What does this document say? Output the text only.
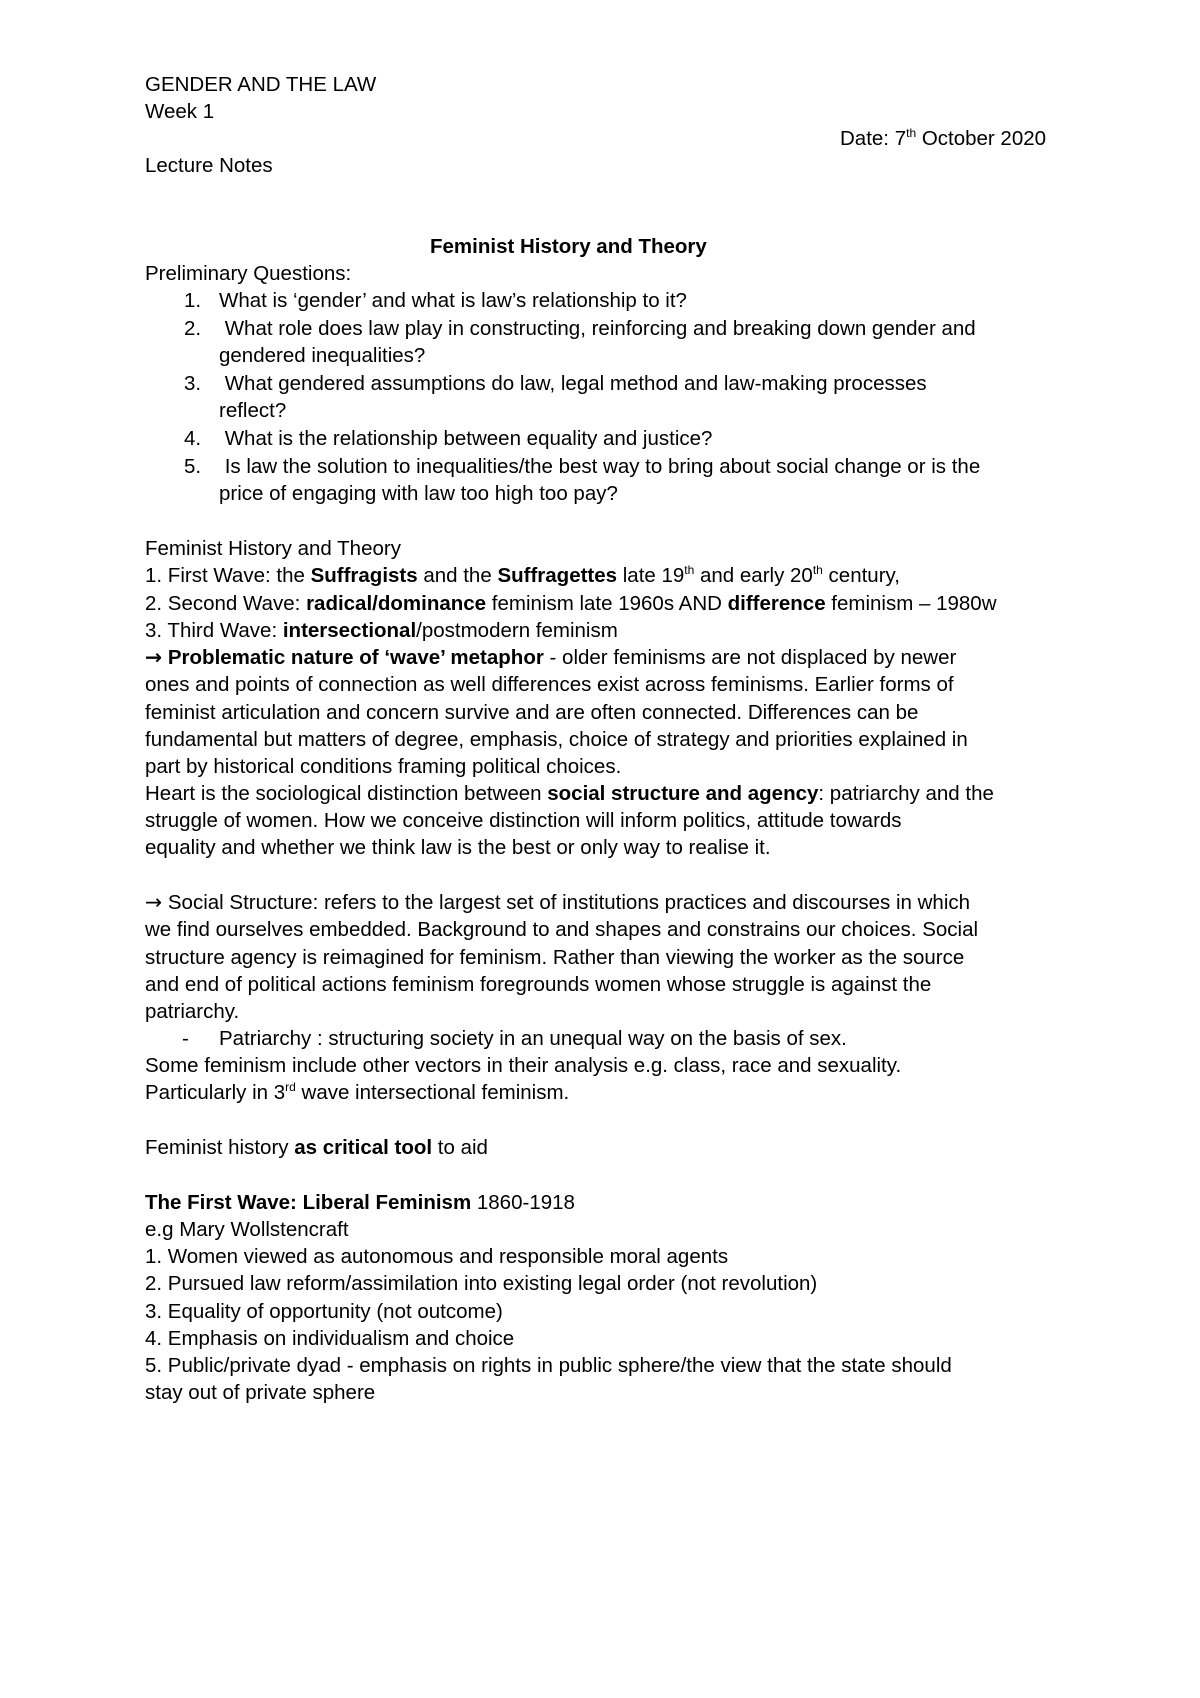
GENDER AND THE LAW

Week 1

Date: 7th October 2020

Lecture Notes

Feminist History and Theory

Preliminary Questions:

1. What is ‘gender’ and what is law’s relationship to it?

2. What role does law play in constructing, reinforcing and breaking down gender and

gendered inequalities?

3. What gendered assumptions do law, legal method and law-making processes

reflect?

4. What is the relationship between equality and justice?

5. Is law the solution to inequalities/the best way to bring about social change or is the

price of engaging with law too high too pay?

Feminist History and Theory

1. First Wave: the Suffragists and the Suffragettes late 19th and early 20th century,

2. Second Wave: radical/dominance feminism late 1960s AND difference feminism – 1980w

3. Third Wave: intersectional/postmodern feminism

→ Problematic nature of ‘wave’ metaphor - older feminisms are not displaced by newer

ones and points of connection as well differences exist across feminisms. Earlier forms of

feminist articulation and concern survive and are often connected. Differences can be

fundamental but matters of degree, emphasis, choice of strategy and priorities explained in

part by historical conditions framing political choices.

Heart is the sociological distinction between social structure and agency: patriarchy and the

struggle of women. How we conceive distinction will inform politics, attitude towards

equality and whether we think law is the best or only way to realise it.

→ Social Structure: refers to the largest set of institutions practices and discourses in which

we find ourselves embedded. Background to and shapes and constrains our choices. Social

structure agency is reimagined for feminism. Rather than viewing the worker as the source

and end of political actions feminism foregrounds women whose struggle is against the

patriarchy.

- Patriarchy : structuring society in an unequal way on the basis of sex.

Some feminism include other vectors in their analysis e.g. class, race and sexuality.

Particularly in 3rd wave intersectional feminism.

Feminist history as critical tool to aid

The First Wave: Liberal Feminism 1860-1918

e.g Mary Wollstencraft

1. Women viewed as autonomous and responsible moral agents

2. Pursued law reform/assimilation into existing legal order (not revolution)

3. Equality of opportunity (not outcome)

4. Emphasis on individualism and choice

5. Public/private dyad - emphasis on rights in public sphere/the view that the state should

stay out of private sphere
